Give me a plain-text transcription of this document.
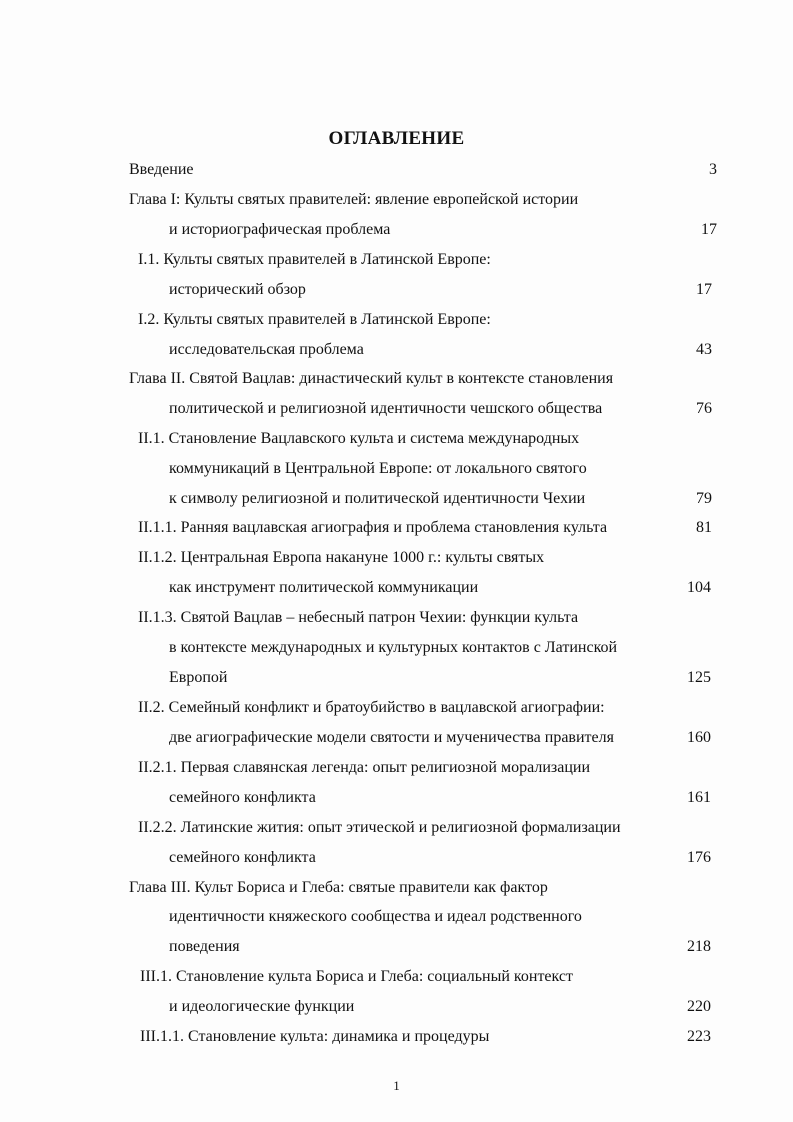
ОГЛАВЛЕНИЕ
Введение	3
Глава I: Культы святых правителей: явление европейской истории
и историографическая проблема	17
I.1. Культы святых правителей в Латинской Европе:
исторический обзор	17
I.2. Культы святых правителей в Латинской Европе:
исследовательская проблема	43
Глава II. Святой Вацлав: династический культ в контексте становления
политической и религиозной идентичности чешского общества	76
II.1. Становление Вацлавского культа и система международных
коммуникаций в Центральной Европе: от локального святого
к символу религиозной и политической идентичности Чехии	79
II.1.1. Ранняя вацлавская агиография и проблема становления культа	81
II.1.2. Центральная Европа накануне 1000 г.: культы святых
как инструмент политической коммуникации	104
II.1.3. Святой Вацлав – небесный патрон Чехии: функции культа
в контексте международных и культурных контактов с Латинской
Европой	125
II.2. Семейный конфликт и братоубийство в вацлавской агиографии:
две агиографические модели святости и мученичества правителя	160
II.2.1. Первая славянская легенда: опыт религиозной морализации
семейного конфликта	161
II.2.2. Латинские жития: опыт этической и религиозной формализации
семейного конфликта	176
Глава III. Культ Бориса и Глеба: святые правители как фактор
идентичности княжеского сообщества и идеал родственного
поведения	218
III.1. Становление культа Бориса и Глеба: социальный контекст
и идеологические функции	220
III.1.1. Становление культа: динамика и процедуры	223
1
